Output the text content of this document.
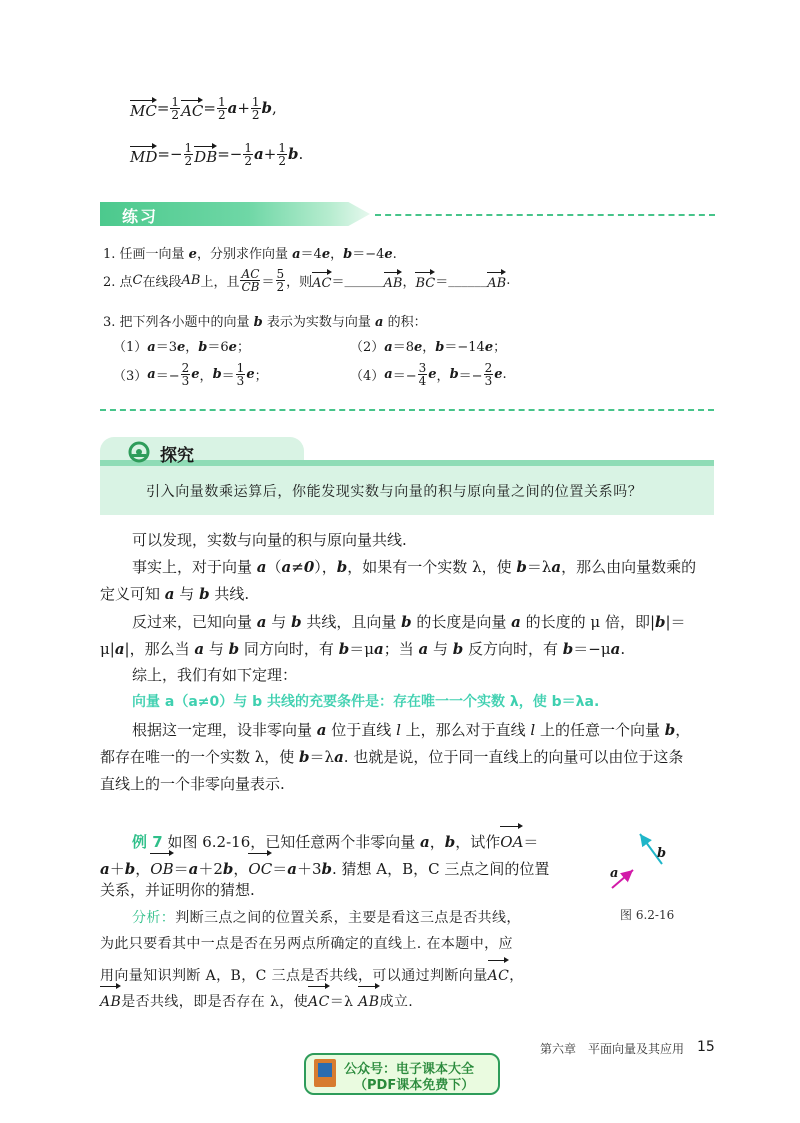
MC = $\frac{1}{2}$ AC = $\frac{1}{2}$ $a + \frac{1}{2}$ b ,
MD =− $\frac{1}{2}$ DB =− $\frac{1}{2}$ $a + \frac{1}{2}$ b .
练习
1. 任画一向量 e，分别求作向量 a＝4e，b＝−4e.
2. 点 C 在线段 AB 上，且 $\frac{AC}{CB} = \frac{5}{2}$ ，则 AC ＝ ______ AB ， BC ＝ ______ AB .
3. 把下列各小题中的向量 b 表示为实数与向量 a 的积：
（1）a＝3e，b＝6e；	（2）a＝8e，b＝−14e；
（3） $a =- \frac{2}{3}$ e ， $b = \frac{1}{3}$ e ；	（4） $a =- \frac{3}{4}$ e ， $b =- \frac{2}{3}$ e .
探究
引入向量数乘运算后，你能发现实数与向量的积与原向量之间的位置关系吗？
可以发现，实数与向量的积与原向量共线.
事实上，对于向量 a（a≠0），b，如果有一个实数 λ，使 b＝λa，那么由向量数乘的
定义可知 a 与 b 共线.
反过来，已知向量 a 与 b 共线，且向量 b 的长度是向量 a 的长度的 μ 倍，即|b|＝
μ|a|，那么当 a 与 b 同方向时，有 b＝μa；当 a 与 b 反方向时，有 b＝−μa.
综上，我们有如下定理：
向量 a（a≠0）与 b 共线的充要条件是：存在唯一一个实数 λ，使 b＝λa.
根据这一定理，设非零向量 a 位于直线 l 上，那么对于直线 l 上的任意一个向量 b，
都存在唯一的一个实数 λ，使 b＝λa. 也就是说，位于同一直线上的向量可以由位于这条
直线上的一个非零向量表示.
例 7 如图 6.2-16，已知任意两个非零向量 a，b，试作OA＝
a＋b，OB＝a＋2b，OC＝a＋3b. 猜想 A，B，C 三点之间的位置
关系，并证明你的猜想.
分析：判断三点之间的位置关系，主要是看这三点是否共线，
为此只要看其中一点是否在另两点所确定的直线上. 在本题中，应
用向量知识判断 A，B，C 三点是否共线，可以通过判断向量AC，
AB是否共线，即是否存在 λ，使AC＝λ AB成立.
a
b
图 6.2-16
第六章　平面向量及其应用 15
公众号：电子课本大全
（PDF课本免费下）
